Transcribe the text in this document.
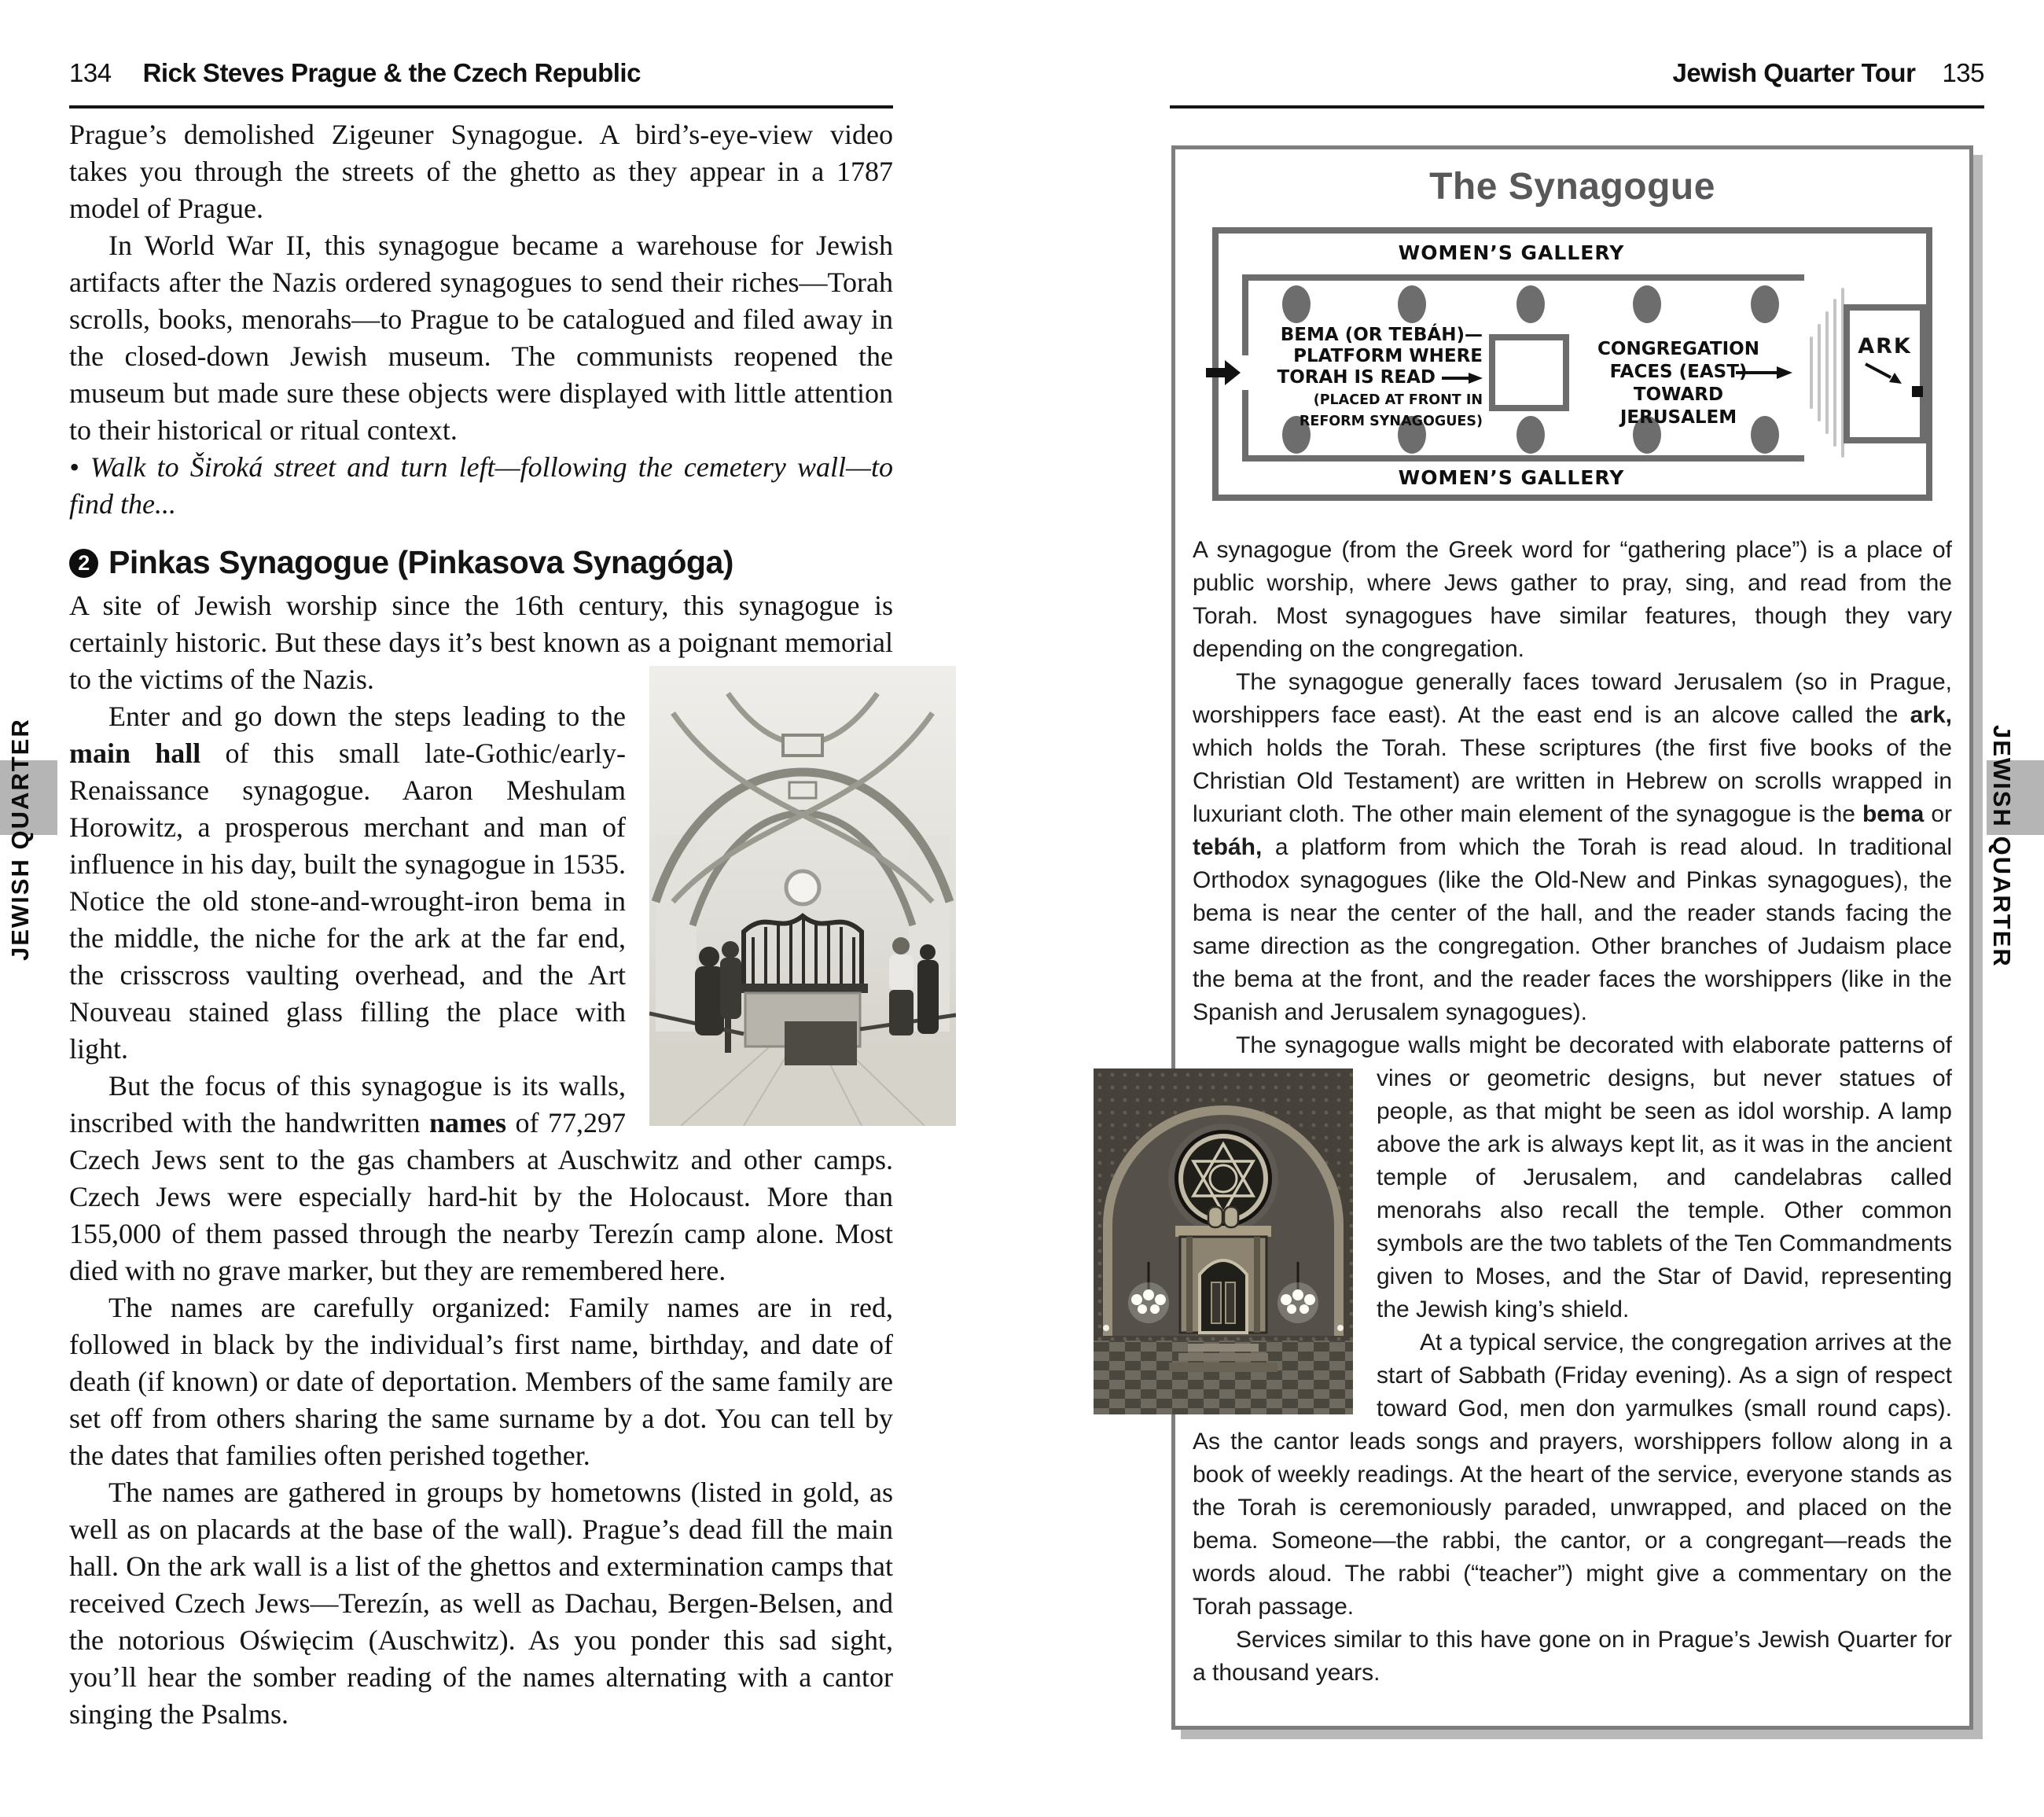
134 Rick Steves Prague & the Czech Republic	Jewish Quarter Tour 135

Prague’s demolished Zigeuner Synagogue. A bird’s-eye-view video takes you through the streets of the ghetto as they appear in a 1787 model of Prague.

In World War II, this synagogue became a warehouse for Jewish artifacts after the Nazis ordered synagogues to send their riches—Torah scrolls, books, menorahs—to Prague to be catalogued and filed away in the closed-down Jewish museum. The communists reopened the museum but made sure these objects were displayed with little attention to their historical or ritual context.

• Walk to Široká street and turn left—following the cemetery wall—to find the...

2 Pinkas Synagogue (Pinkasova Synagóga)

A site of Jewish worship since the 16th century, this synagogue is certainly historic. But these days it’s best known as a poignant memorial to the victims of the Nazis.

Enter and go down the steps leading to the main hall of this small late-Gothic/early-Renaissance synagogue. Aaron Meshulam Horowitz, a prosperous merchant and man of influence in his day, built the synagogue in 1535. Notice the old stone-and-wrought-iron bema in the middle, the niche for the ark at the far end, the crisscross vaulting overhead, and the Art Nouveau stained glass filling the place with light.

But the focus of this synagogue is its walls, inscribed with the handwritten names of 77,297 Czech Jews sent to the gas chambers at Auschwitz and other camps. Czech Jews were especially hard-hit by the Holocaust. More than 155,000 of them passed through the nearby Terezín camp alone. Most died with no grave marker, but they are remembered here.

The names are carefully organized: Family names are in red, followed in black by the individual’s first name, birthday, and date of death (if known) or date of deportation. Members of the same family are set off from others sharing the same surname by a dot. You can tell by the dates that families often perished together.

The names are gathered in groups by hometowns (listed in gold, as well as on placards at the base of the wall). Prague’s dead fill the main hall. On the ark wall is a list of the ghettos and extermination camps that received Czech Jews—Terezín, as well as Dachau, Bergen-Belsen, and the notorious Oświęcim (Auschwitz). As you ponder this sad sight, you’ll hear the somber reading of the names alternating with a cantor singing the Psalms.

The Synagogue
WOMEN’S GALLERY
WOMEN’S GALLERY
BEMA (OR TEBÁH)—
PLATFORM WHERE
TORAH IS READ
(PLACED AT FRONT IN
REFORM SYNAGOGUES)
CONGREGATION
FACES (EAST)
TOWARD JERUSALEM
ARK

A synagogue (from the Greek word for “gathering place”) is a place of public worship, where Jews gather to pray, sing, and read from the Torah. Most synagogues have similar features, though they vary depending on the congregation.

The synagogue generally faces toward Jerusalem (so in Prague, worshippers face east). At the east end is an alcove called the ark, which holds the Torah. These scriptures (the first five books of the Christian Old Testament) are written in Hebrew on scrolls wrapped in luxuriant cloth. The other main element of the synagogue is the bema or tebáh, a platform from which the Torah is read aloud. In traditional Orthodox synagogues (like the Old-New and Pinkas synagogues), the bema is near the center of the hall, and the reader stands facing the same direction as the congregation. Other branches of Judaism place the bema at the front, and the reader faces the worshippers (like in the Spanish and Jerusalem synagogues).

The synagogue walls might be decorated with elaborate patterns of vines or geometric designs, but never statues of
people, as that might be seen as idol worship. A lamp above the ark is always kept lit, as it was in the ancient temple of Jerusalem, and candelabras called menorahs also recall the temple. Other common symbols are the two tablets of the Ten Commandments given to Moses, and the Star of David, representing the Jewish king’s shield.

At a typical service, the congregation arrives at the start of Sabbath (Friday evening). As a sign of respect toward God, men don yarmulkes (small round caps). As the cantor leads songs and prayers, worshippers follow along in a book of weekly readings. At the heart of the service, everyone stands as the Torah is ceremoniously paraded, unwrapped, and placed on the bema. Someone—the rabbi, the cantor, or a congregant—reads the words aloud. The rabbi (“teacher”) might give a commentary on the Torah passage.

Services similar to this have gone on in Prague’s Jewish Quarter for a thousand years.

JEWISH QUARTER	JEWISH QUARTER
